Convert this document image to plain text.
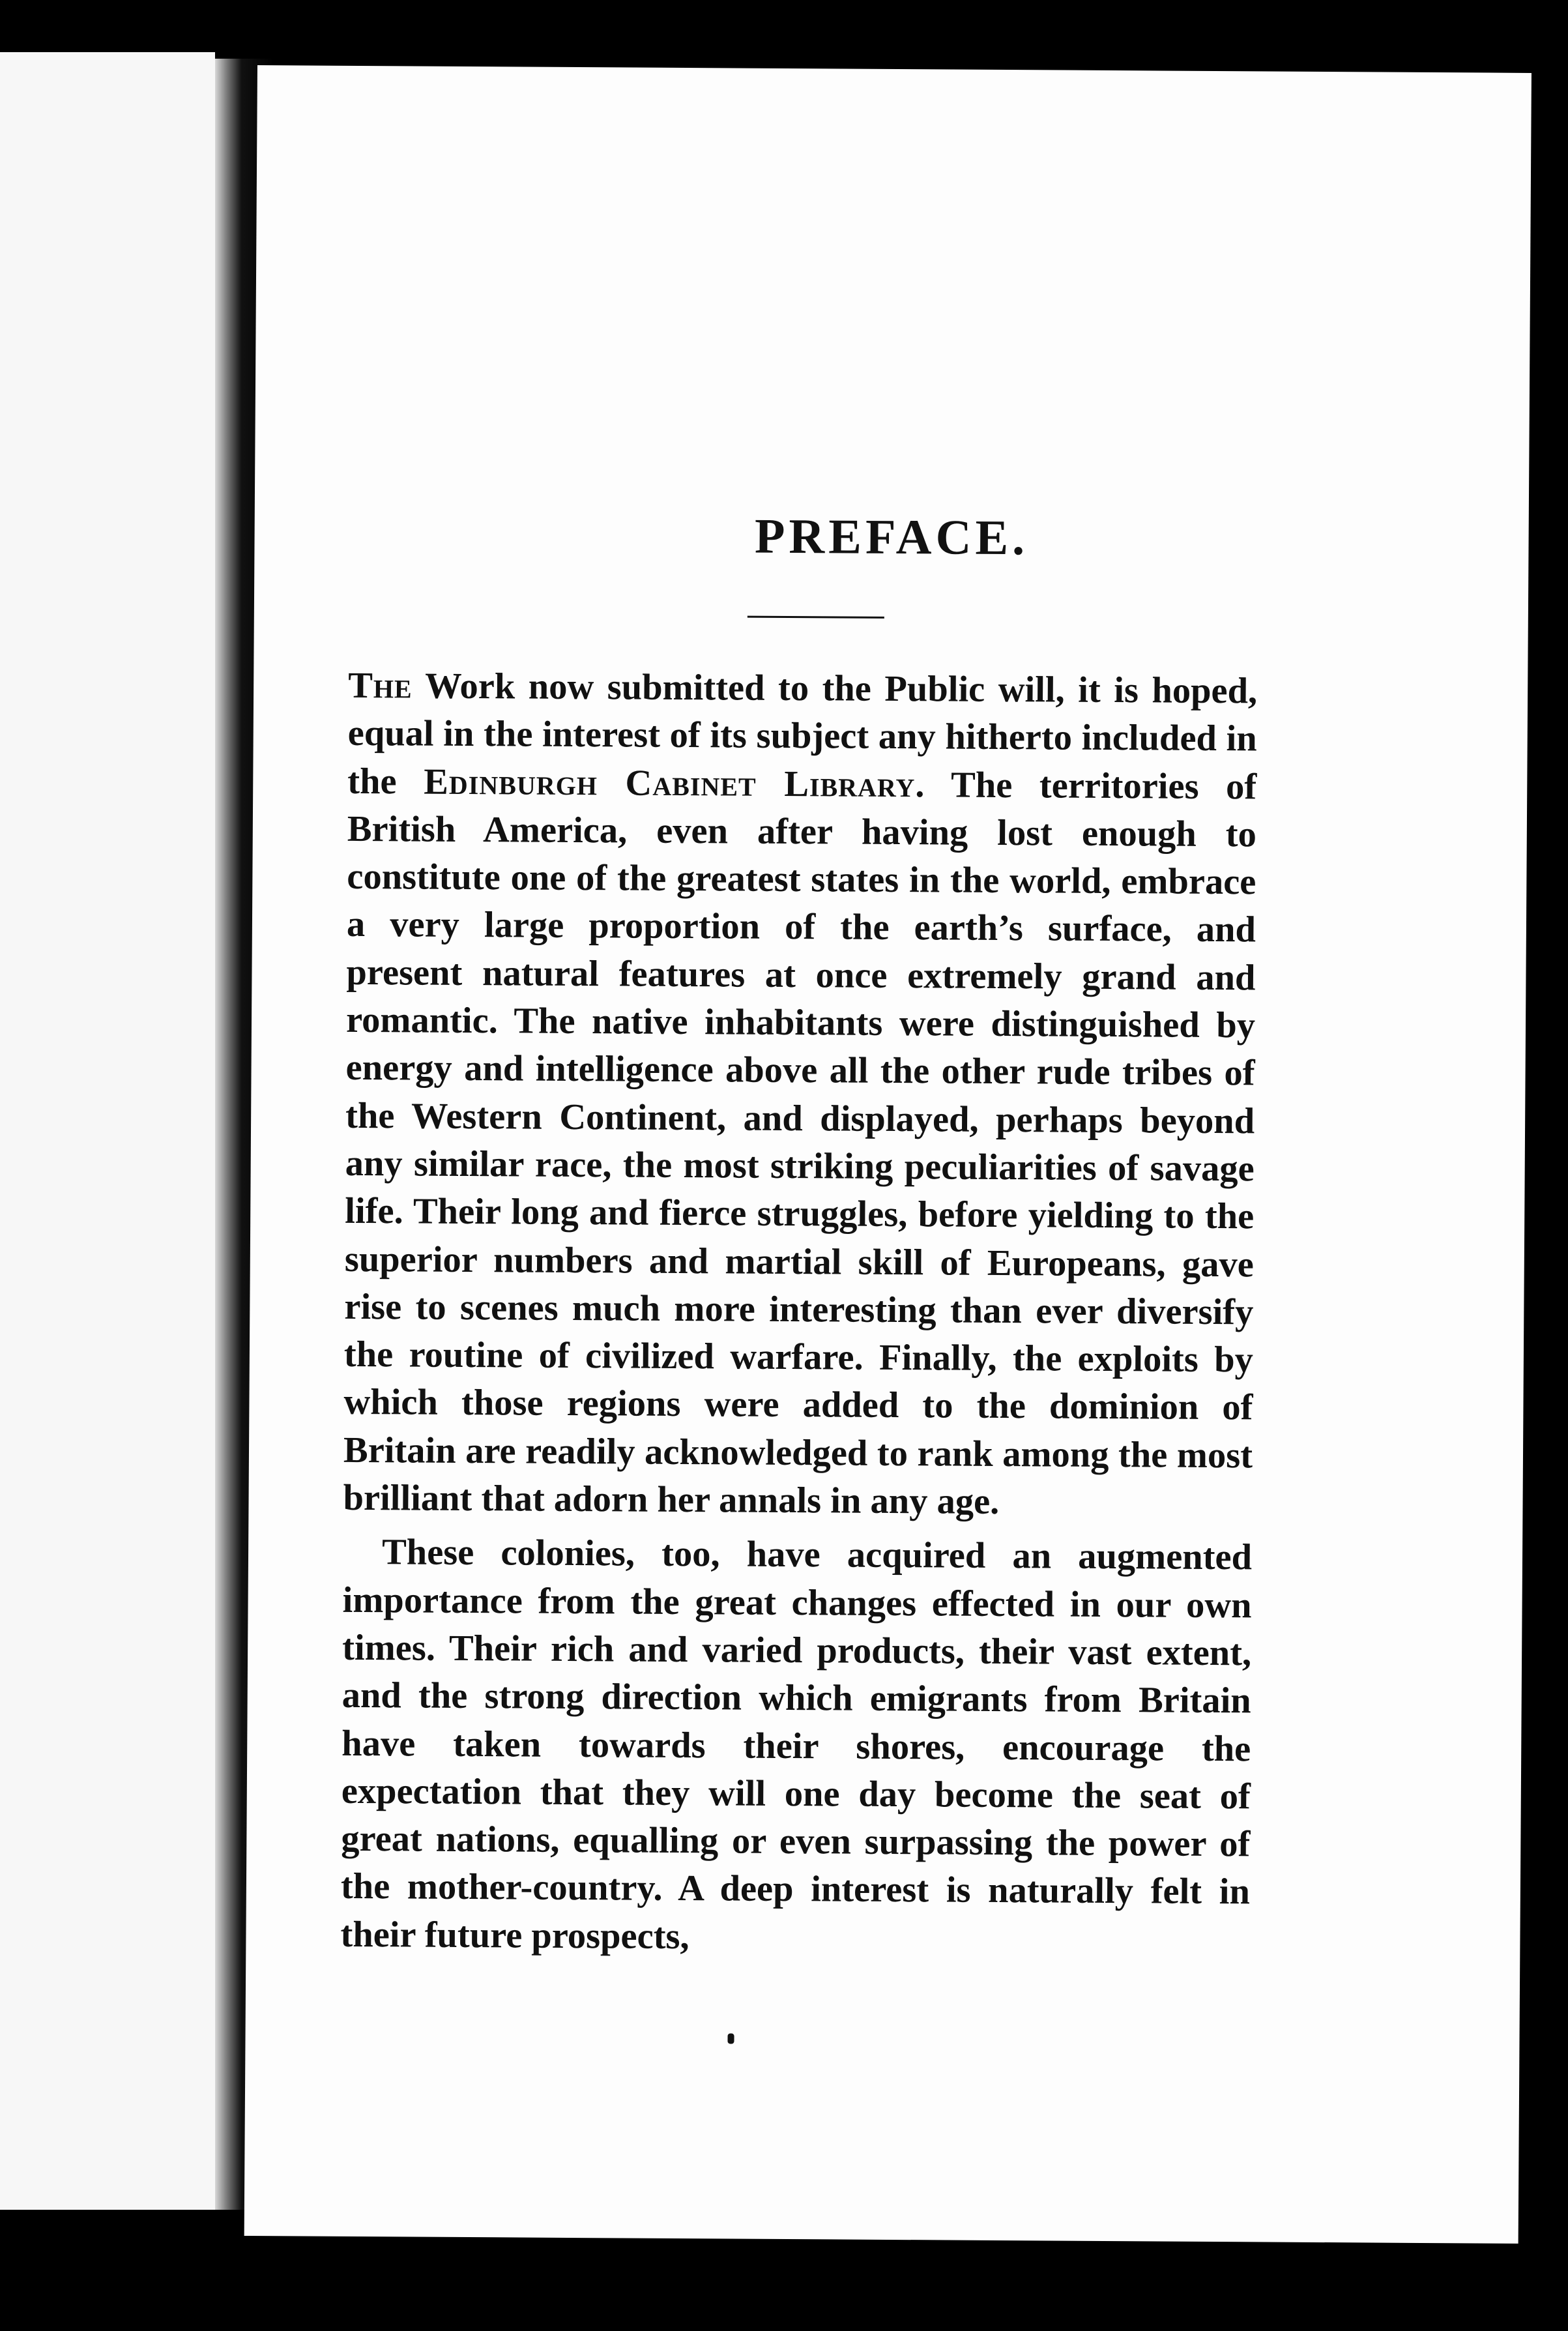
PREFACE.

The Work now submitted to the Public will, it is hoped, equal in the interest of its subject any hitherto included in the Edinburgh Cabinet Library. The territories of British America, even after having lost enough to constitute one of the greatest states in the world, embrace a very large proportion of the earth’s surface, and present natural features at once extremely grand and romantic. The native inhabitants were distinguished by energy and intelligence above all the other rude tribes of the Western Continent, and displayed, perhaps beyond any similar race, the most striking peculiarities of savage life. Their long and fierce struggles, before yielding to the superior numbers and martial skill of Europeans, gave rise to scenes much more interesting than ever diversify the routine of civilized warfare. Finally, the exploits by which those regions were added to the dominion of Britain are readily acknowledged to rank among the most brilliant that adorn her annals in any age.

These colonies, too, have acquired an augmented importance from the great changes effected in our own times. Their rich and varied products, their vast extent, and the strong direction which emigrants from Britain have taken towards their shores, encourage the expectation that they will one day become the seat of great nations, equalling or even surpassing the power of the mother-country. A deep interest is naturally felt in their future prospects,
